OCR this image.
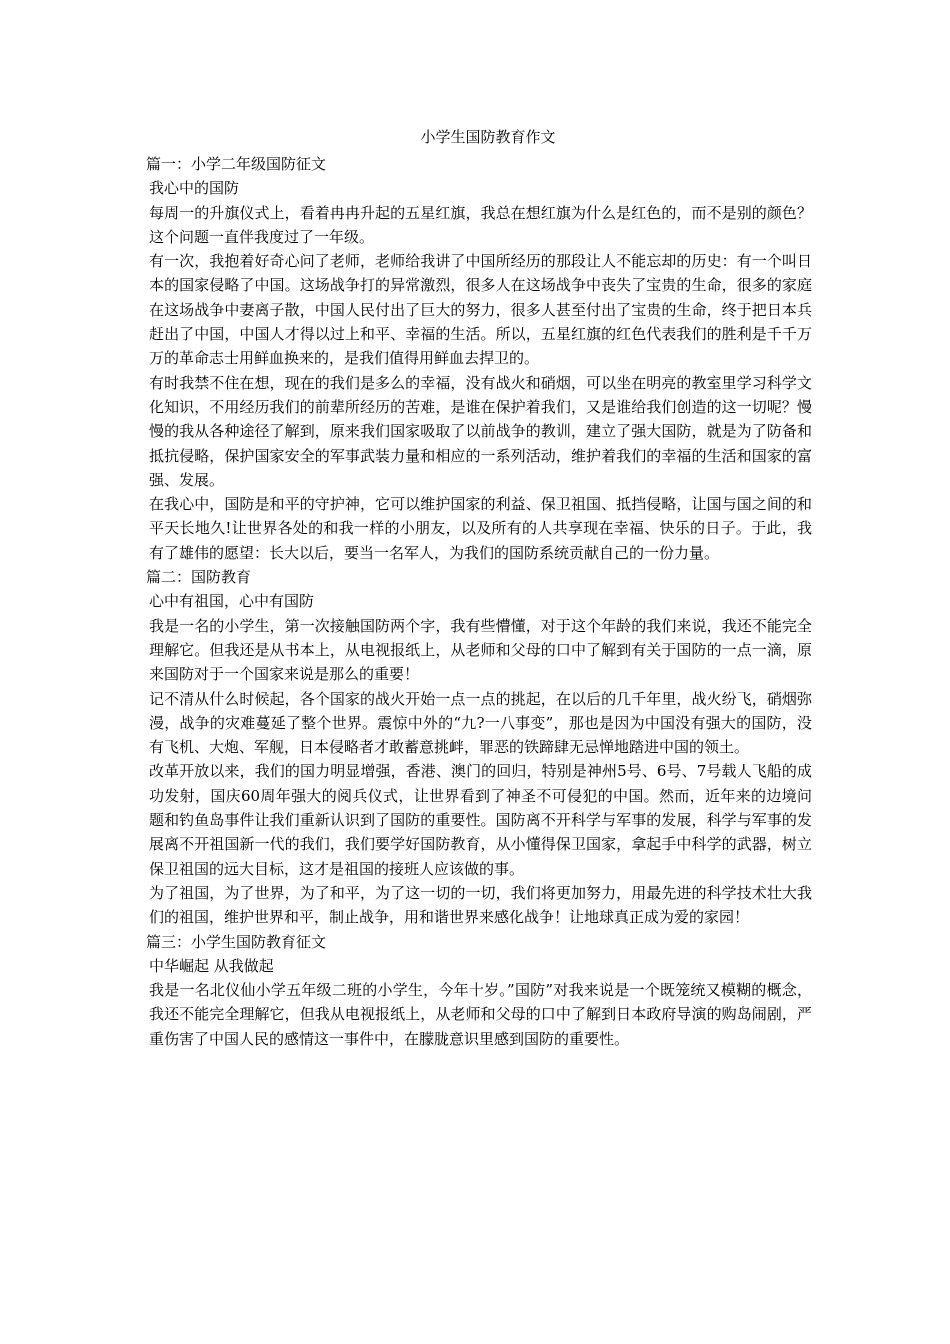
小学生国防教育作文
篇一：小学二年级国防征文
我心中的国防
每周一的升旗仪式上，看着冉冉升起的五星红旗，我总在想红旗为什么是红色的，而不是别的颜色？这个问题一直伴我度过了一年级。
有一次，我抱着好奇心问了老师，老师给我讲了中国所经历的那段让人不能忘却的历史：有一个叫日本的国家侵略了中国。这场战争打的异常激烈，很多人在这场战争中丧失了宝贵的生命，很多的家庭在这场战争中妻离子散，中国人民付出了巨大的努力，很多人甚至付出了宝贵的生命，终于把日本兵赶出了中国，中国人才得以过上和平、幸福的生活。所以，五星红旗的红色代表我们的胜利是千千万万的革命志士用鲜血换来的，是我们值得用鲜血去捍卫的。
有时我禁不住在想，现在的我们是多么的幸福，没有战火和硝烟，可以坐在明亮的教室里学习科学文化知识，不用经历我们的前辈所经历的苦难，是谁在保护着我们，又是谁给我们创造的这一切呢？慢慢的我从各种途径了解到，原来我们国家吸取了以前战争的教训，建立了强大国防，就是为了防备和抵抗侵略，保护国家安全的军事武装力量和相应的一系列活动，维护着我们的幸福的生活和国家的富强、发展。
在我心中，国防是和平的守护神，它可以维护国家的利益、保卫祖国、抵挡侵略，让国与国之间的和平天长地久!让世界各处的和我一样的小朋友，以及所有的人共享现在幸福、快乐的日子。于此，我有了雄伟的愿望：长大以后，要当一名军人，为我们的国防系统贡献自己的一份力量。
篇二：国防教育
心中有祖国，心中有国防
我是一名的小学生，第一次接触国防两个字，我有些懵懂，对于这个年龄的我们来说，我还不能完全理解它。但我还是从书本上，从电视报纸上，从老师和父母的口中了解到有关于国防的一点一滴，原来国防对于一个国家来说是那么的重要！
记不清从什么时候起，各个国家的战火开始一点一点的挑起，在以后的几千年里，战火纷飞，硝烟弥漫，战争的灾难蔓延了整个世界。震惊中外的“九?一八事变”，那也是因为中国没有强大的国防，没有飞机、大炮、军舰，日本侵略者才敢蓄意挑衅，罪恶的铁蹄肆无忌惮地踏进中国的领土。
改革开放以来，我们的国力明显增强，香港、澳门的回归，特别是神州5号、6号、7号载人飞船的成功发射，国庆60周年强大的阅兵仪式，让世界看到了神圣不可侵犯的中国。然而，近年来的边境问题和钓鱼岛事件让我们重新认识到了国防的重要性。国防离不开科学与军事的发展，科学与军事的发展离不开祖国新一代的我们，我们要学好国防教育，从小懂得保卫国家，拿起手中科学的武器，树立保卫祖国的远大目标，这才是祖国的接班人应该做的事。
为了祖国，为了世界，为了和平，为了这一切的一切，我们将更加努力，用最先进的科学技术壮大我们的祖国，维护世界和平，制止战争，用和谐世界来感化战争！让地球真正成为爱的家园！
篇三：小学生国防教育征文
中华崛起 从我做起
我是一名北仪仙小学五年级二班的小学生，今年十岁。”国防”对我来说是一个既笼统又模糊的概念，我还不能完全理解它，但我从电视报纸上，从老师和父母的口中了解到日本政府导演的购岛闹剧，严重伤害了中国人民的感情这一事件中，在朦胧意识里感到国防的重要性。
